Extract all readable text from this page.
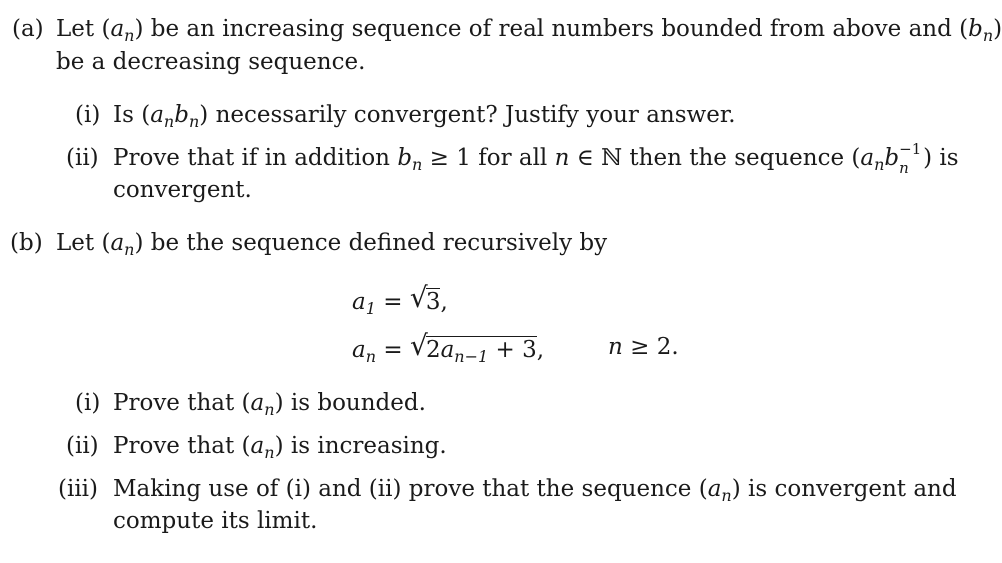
(a) Let $(a_n)$ be an increasing sequence of real numbers bounded from above and $(b_n)$
be a decreasing sequence.
(i) Is $(a_nb_n)$ necessarily convergent? Justify your answer.
(ii) Prove that if in addition $b_n \ge 1$ for all n ∈ ℕ then the sequence ($a_nb -1$
n ) is
convergent.
(b) Let $(a_n)$ be the sequence defined recursively by
$a_1$ = √
3,
$a_n$ = √
$2a_{n-1} + 3$,	n ≥ 2.
(i) Prove that $(a_n)$ is bounded.
(ii) Prove that $(a_n)$ is increasing.
(iii) Making use of (i) and (ii) prove that the sequence $(a_n)$ is convergent and
compute its limit.
